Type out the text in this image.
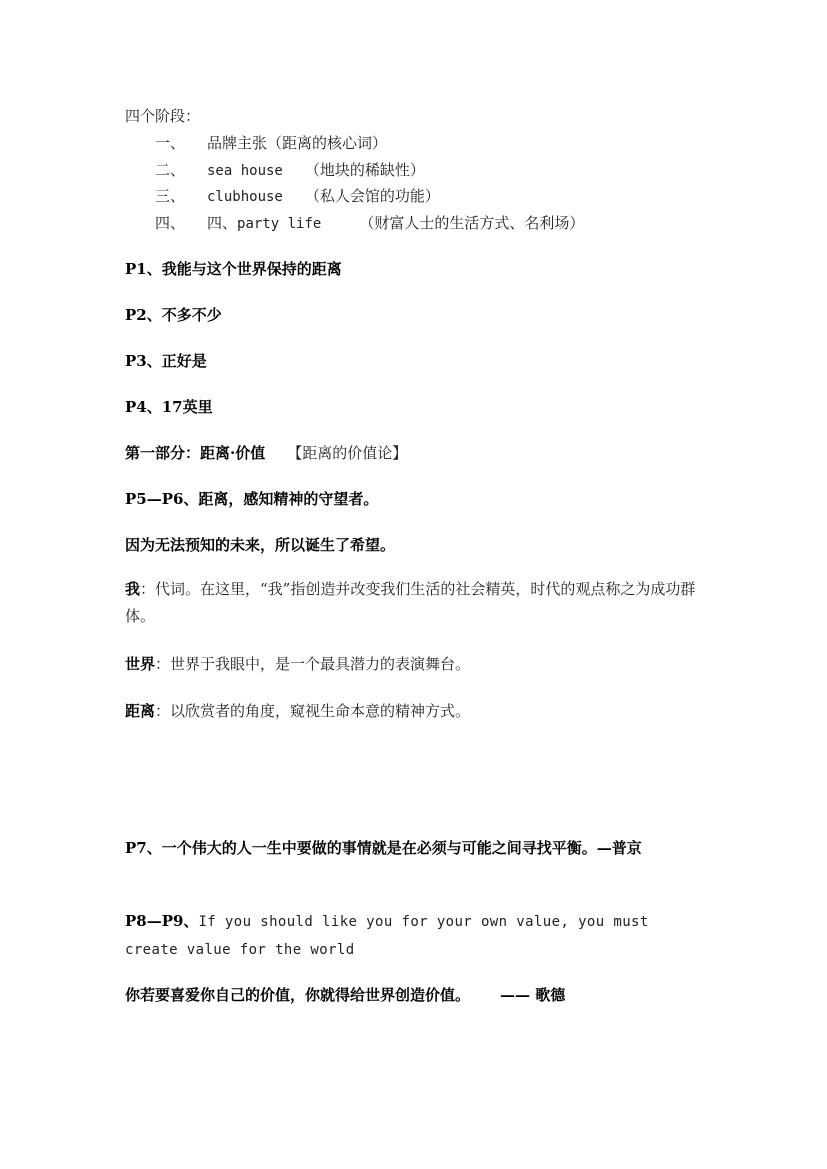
四个阶段：
一、 品牌主张（距离的核心词）
二、 sea house （地块的稀缺性）
三、 clubhouse （私人会馆的功能）
四、 四、party life	（财富人士的生活方式、名利场）
P1、我能与这个世界保持的距离
P2、不多不少
P3、正好是
P4、17英里
第一部分：距离·价值 【距离的价值论】
P5—P6、距离，感知精神的守望者。
因为无法预知的未来，所以诞生了希望。
我：代词。在这里，“我”指创造并改变我们生活的社会精英，时代的观点称之为成功群体。
世界：世界于我眼中，是一个最具潜力的表演舞台。
距离：以欣赏者的角度，窥视生命本意的精神方式。
P7、一个伟大的人一生中要做的事情就是在必须与可能之间寻找平衡。—普京
P8—P9、If you should like you for your own value, you must create value for the world
你若要喜爱你自己的价值，你就得给世界创造价值。 —— 歌德
